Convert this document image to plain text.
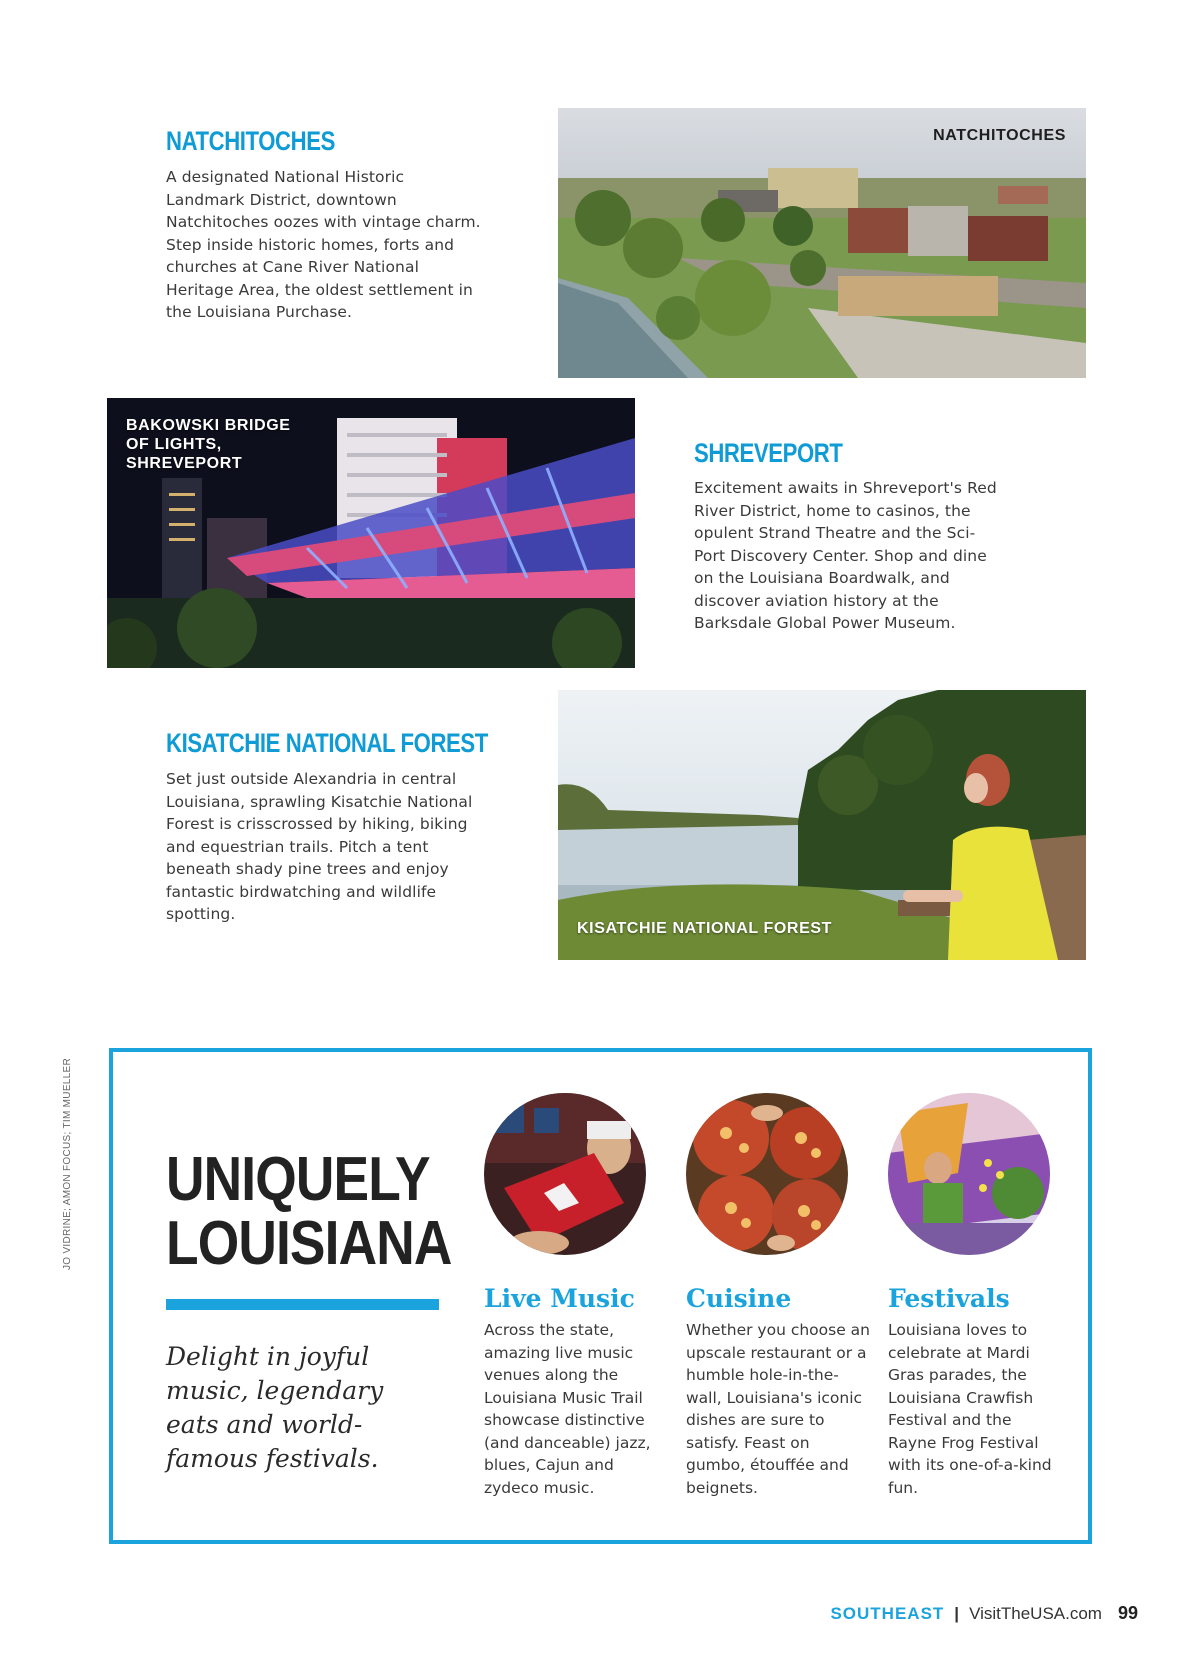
NATCHITOCHES

A designated National Historic Landmark District, downtown Natchitoches oozes with vintage charm. Step inside historic homes, forts and churches at Cane River National Heritage Area, the oldest settlement in the Louisiana Purchase.

NATCHITOCHES
BAKOWSKI BRIDGE
OF LIGHTS,
SHREVEPORT	SHREVEPORT

Excitement awaits in Shreveport's Red River District, home to casinos, the opulent Strand Theatre and the Sci-Port Discovery Center. Shop and dine on the Louisiana Boardwalk, and discover aviation history at the Barksdale Global Power Museum.

KISATCHIE NATIONAL FOREST

Set just outside Alexandria in central Louisiana, sprawling Kisatchie National Forest is crisscrossed by hiking, biking and equestrian trails. Pitch a tent beneath shady pine trees and enjoy fantastic birdwatching and wildlife spotting.

KISATCHIE NATIONAL FOREST
UNIQUELY
LOUISIANA

Delight in joyful

music, legendary

eats and world-

famous festivals.

Live Music

Across the state, amazing live music venues along the Louisiana Music Trail showcase distinctive (and danceable) jazz, blues, Cajun and zydeco music.

Cuisine

Whether you choose an upscale restaurant or a humble hole-in-the-wall, Louisiana's iconic dishes are sure to satisfy. Feast on gumbo, étouffée and beignets.

Festivals

Louisiana loves to celebrate at Mardi Gras parades, the Louisiana Crawfish Festival and the Rayne Frog Festival with its one-of-a-kind fun.

JO VIDRINE; AMON FOCUS; TIM MUELLER
SOUTHEAST | VisitTheUSA.com 99
